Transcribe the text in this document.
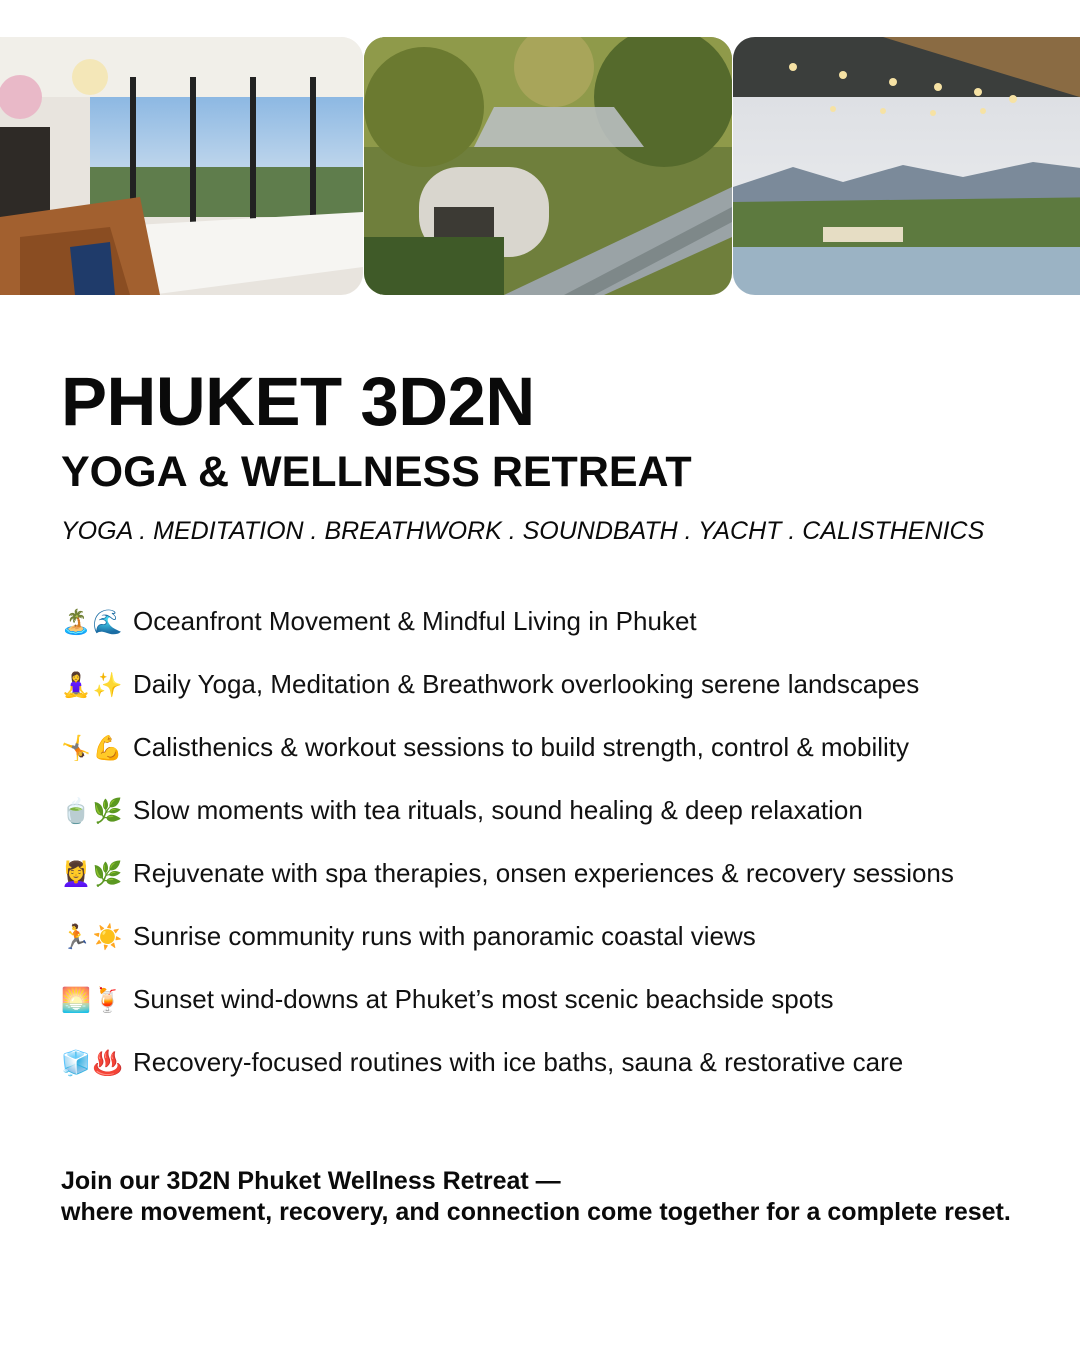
PHUKET 3D2N
YOGA & WELLNESS RETREAT

YOGA . MEDITATION . BREATHWORK . SOUNDBATH . YACHT . CALISTHENICS

🏝️🌊 Oceanfront Movement & Mindful Living in Phuket
🧘‍♀️✨ Daily Yoga, Meditation & Breathwork overlooking serene landscapes
🤸💪 Calisthenics & workout sessions to build strength, control & mobility
🍵🌿 Slow moments with tea rituals, sound healing & deep relaxation
💆‍♀️🌿 Rejuvenate with spa therapies, onsen experiences & recovery sessions
🏃☀️ Sunrise community runs with panoramic coastal views
🌅🍹 Sunset wind-downs at Phuket’s most scenic beachside spots
🧊♨️ Recovery-focused routines with ice baths, sauna & restorative care

Join our 3D2N Phuket Wellness Retreat —
where movement, recovery, and connection come together for a complete reset.
